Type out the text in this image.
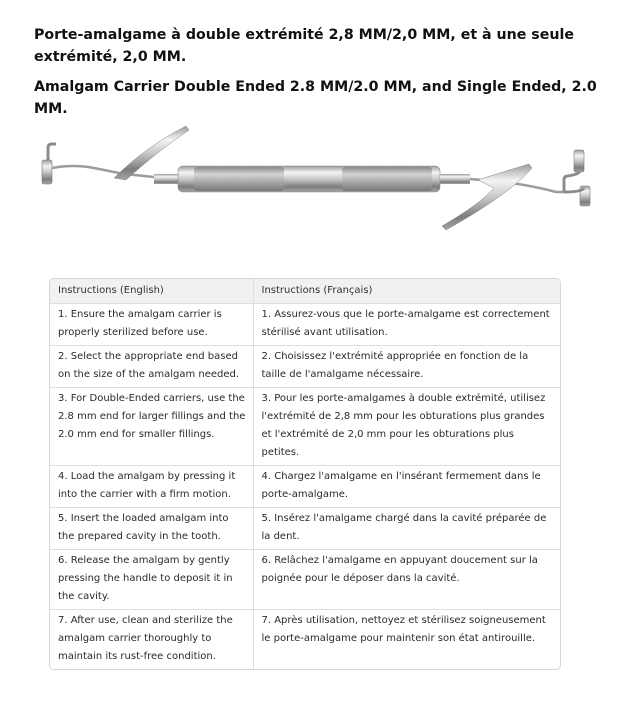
Porte-amalgame à double extrémité 2,8 MM/2,0 MM, et à une seule extrémité, 2,0 MM.
Amalgam Carrier Double Ended 2.8 MM/2.0 MM, and Single Ended, 2.0 MM.
Instructions (English)	Instructions (Français)
1. Ensure the amalgam carrier is properly sterilized before use.	1. Assurez-vous que le porte-amalgame est correctement stérilisé avant utilisation.
2. Select the appropriate end based on the size of the amalgam needed.	2. Choisissez l'extrémité appropriée en fonction de la taille de l'amalgame nécessaire.
3. For Double-Ended carriers, use the 2.8 mm end for larger fillings and the 2.0 mm end for smaller fillings.	3. Pour les porte-amalgames à double extrémité, utilisez l'extrémité de 2,8 mm pour les obturations plus grandes et l'extrémité de 2,0 mm pour les obturations plus petites.
4. Load the amalgam by pressing it into the carrier with a firm motion.	4. Chargez l'amalgame en l'insérant fermement dans le porte-amalgame.
5. Insert the loaded amalgam into the prepared cavity in the tooth.	5. Insérez l'amalgame chargé dans la cavité préparée de la dent.
6. Release the amalgam by gently pressing the handle to deposit it in the cavity.	6. Relâchez l'amalgame en appuyant doucement sur la poignée pour le déposer dans la cavité.
7. After use, clean and sterilize the amalgam carrier thoroughly to maintain its rust-free condition.	7. Après utilisation, nettoyez et stérilisez soigneusement le porte-amalgame pour maintenir son état antirouille.
